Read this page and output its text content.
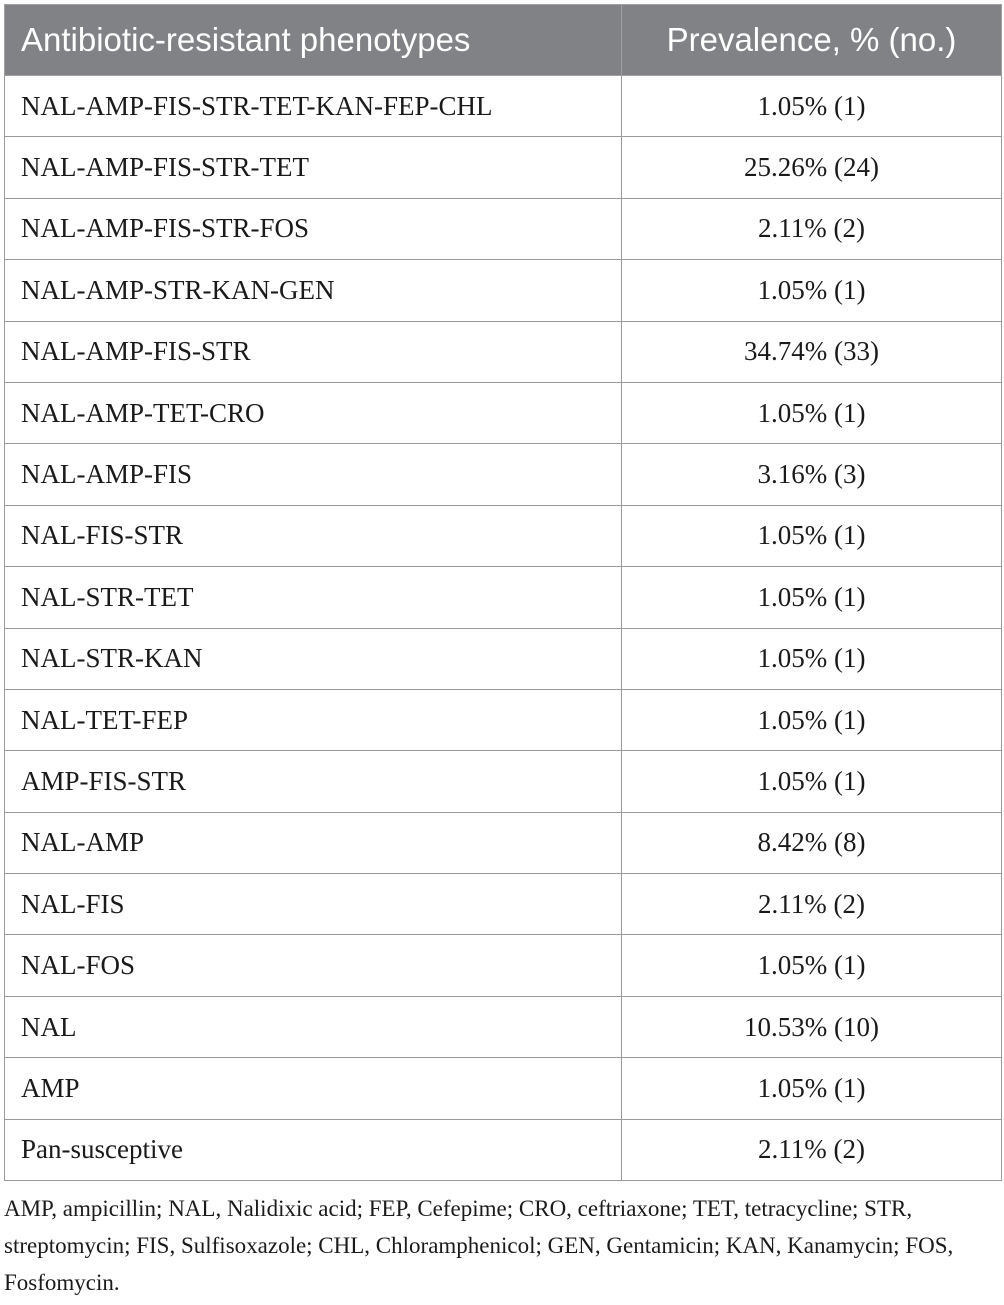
Antibiotic-resistant phenotypes	Prevalence, % (no.)
NAL-AMP-FIS-STR-TET-KAN-FEP-CHL	1.05% (1)
NAL-AMP-FIS-STR-TET	25.26% (24)
NAL-AMP-FIS-STR-FOS	2.11% (2)
NAL-AMP-STR-KAN-GEN	1.05% (1)
NAL-AMP-FIS-STR	34.74% (33)
NAL-AMP-TET-CRO	1.05% (1)
NAL-AMP-FIS	3.16% (3)
NAL-FIS-STR	1.05% (1)
NAL-STR-TET	1.05% (1)
NAL-STR-KAN	1.05% (1)
NAL-TET-FEP	1.05% (1)
AMP-FIS-STR	1.05% (1)
NAL-AMP	8.42% (8)
NAL-FIS	2.11% (2)
NAL-FOS	1.05% (1)
NAL	10.53% (10)
AMP	1.05% (1)
Pan-susceptive	2.11% (2)
AMP, ampicillin; NAL, Nalidixic acid; FEP, Cefepime; CRO, ceftriaxone; TET, tetracycline; STR, streptomycin; FIS, Sulfisoxazole; CHL, Chloramphenicol; GEN, Gentamicin; KAN, Kanamycin; FOS, Fosfomycin.
